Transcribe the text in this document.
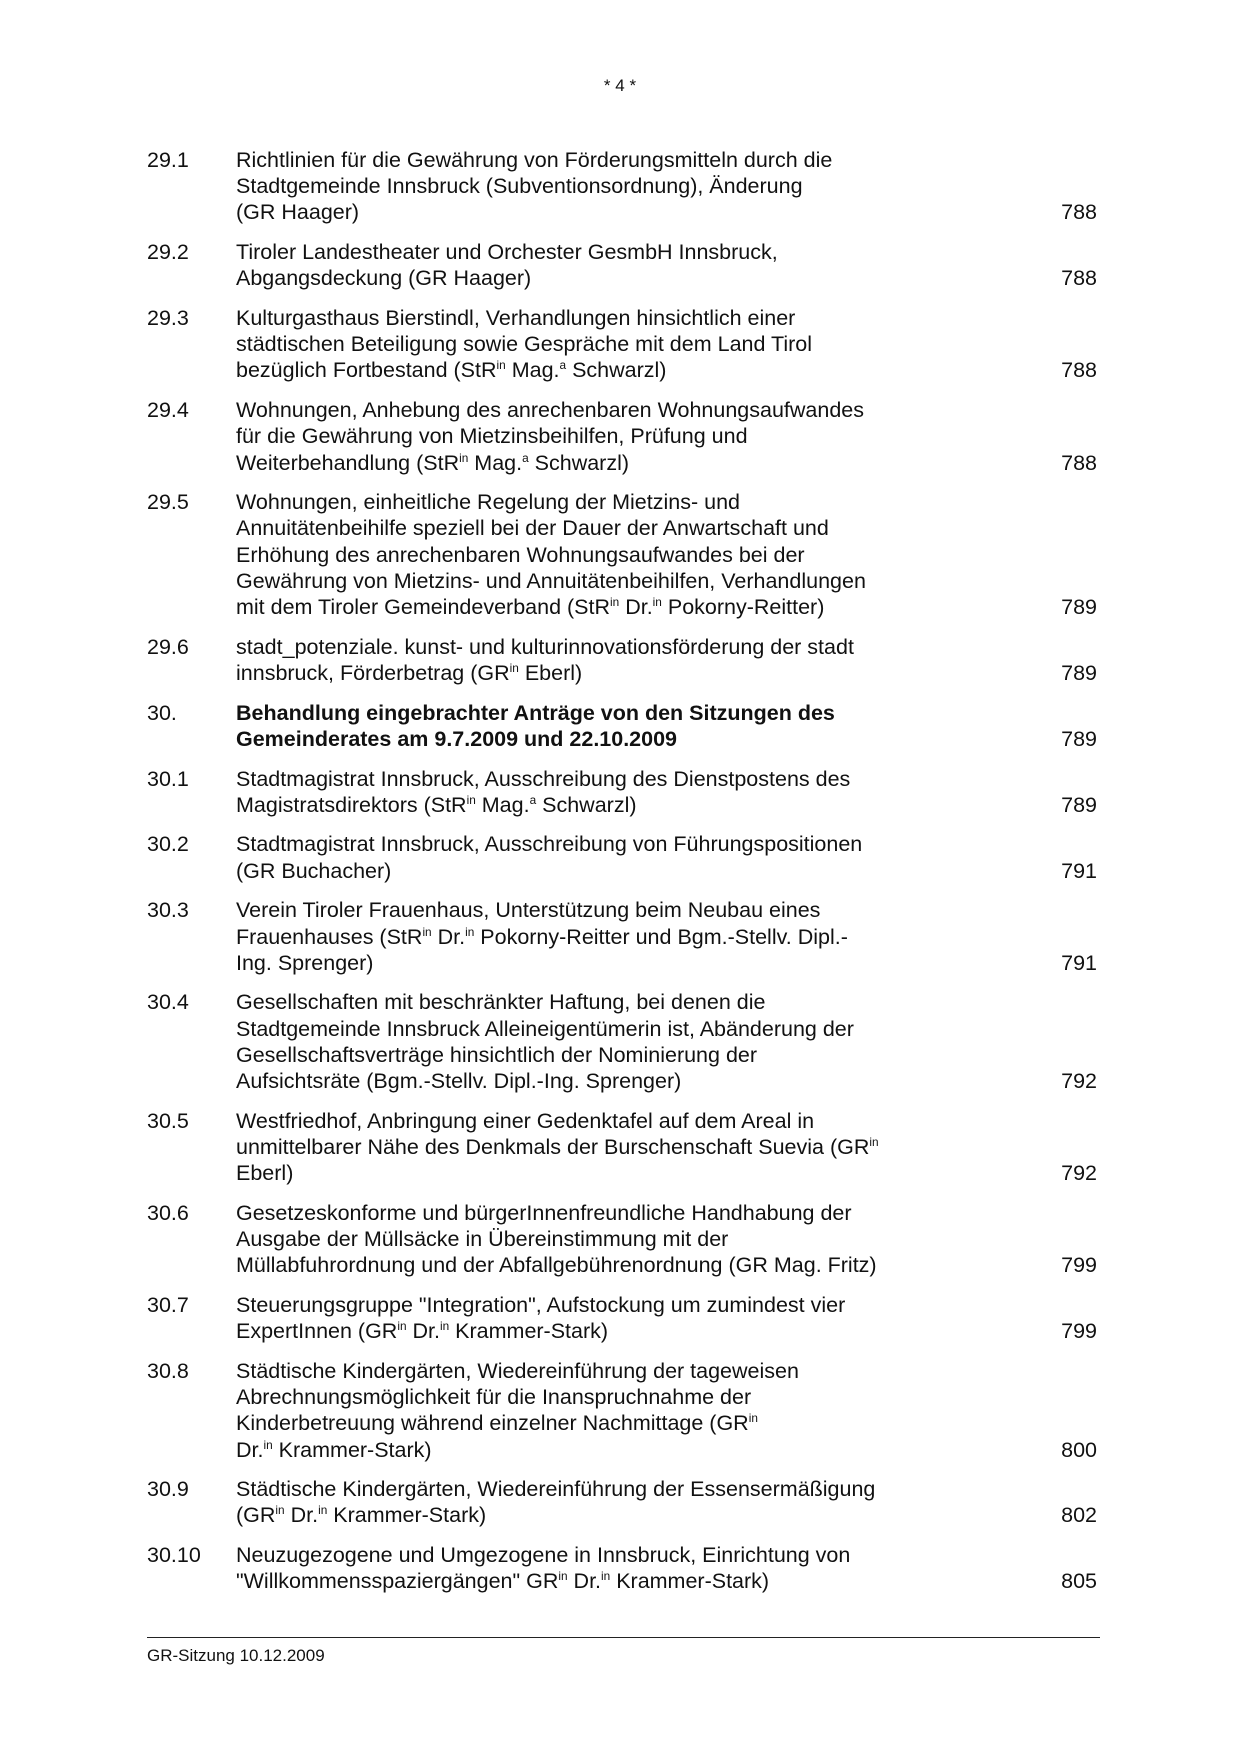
* 4 *
29.1	Richtlinien für die Gewährung von Förderungsmitteln durch die
Stadtgemeinde Innsbruck (Subventionsordnung), Änderung
(GR Haager)	788
29.2	Tiroler Landestheater und Orchester GesmbH Innsbruck,
Abgangsdeckung (GR Haager)	788
29.3	Kulturgasthaus Bierstindl, Verhandlungen hinsichtlich einer
städtischen Beteiligung sowie Gespräche mit dem Land Tirol
bezüglich Fortbestand (StR$^{in}$ Mag.$^a$ Schwarzl)	788
29.4	Wohnungen, Anhebung des anrechenbaren Wohnungsaufwandes
für die Gewährung von Mietzinsbeihilfen, Prüfung und
Weiterbehandlung (StR$^{in}$ Mag.$^a$ Schwarzl)	788
29.5	Wohnungen, einheitliche Regelung der Mietzins- und
Annuitätenbeihilfe speziell bei der Dauer der Anwartschaft und
Erhöhung des anrechenbaren Wohnungsaufwandes bei der
Gewährung von Mietzins- und Annuitätenbeihilfen, Verhandlungen
mit dem Tiroler Gemeindeverband (StR$^{in}$ Dr.$^{in}$ Pokorny-Reitter)	789
29.6	stadt_potenziale. kunst- und kulturinnovationsförderung der stadt
innsbruck, Förderbetrag ($GR^{in}$ Eberl)	789
30.	Behandlung eingebrachter Anträge von den Sitzungen des
Gemeinderates am 9.7.2009 und 22.10.2009	789
30.1	Stadtmagistrat Innsbruck, Ausschreibung des Dienstpostens des
Magistratsdirektors (StR$^{in}$ Mag.$^a$ Schwarzl)	789
30.2	Stadtmagistrat Innsbruck, Ausschreibung von Führungspositionen
(GR Buchacher)	791
30.3	Verein Tiroler Frauenhaus, Unterstützung beim Neubau eines
Frauenhauses (StR$^{in}$ Dr.$^{in}$ Pokorny-Reitter und Bgm.-Stellv. Dipl.-
Ing. Sprenger)	791
30.4	Gesellschaften mit beschränkter Haftung, bei denen die
Stadtgemeinde Innsbruck Alleineigentümerin ist, Abänderung der
Gesellschaftsverträge hinsichtlich der Nominierung der
Aufsichtsräte (Bgm.-Stellv. Dipl.-Ing. Sprenger)	792
30.5	Westfriedhof, Anbringung einer Gedenktafel auf dem Areal in
unmittelbarer Nähe des Denkmals der Burschenschaft Suevia ($GR^{in}$
Eberl)	792
30.6	Gesetzeskonforme und bürgerInnenfreundliche Handhabung der
Ausgabe der Müllsäcke in Übereinstimmung mit der
Müllabfuhrordnung und der Abfallgebührenordnung (GR Mag. Fritz)	799
30.7	Steuerungsgruppe "Integration", Aufstockung um zumindest vier
ExpertInnen ($GR^{in}$ Dr.$^{in}$ Krammer-Stark)	799
30.8	Städtische Kindergärten, Wiedereinführung der tageweisen
Abrechnungsmöglichkeit für die Inanspruchnahme der
Kinderbetreuung während einzelner Nachmittage ($GR^{in}$
Dr.$^{in}$ Krammer-Stark)	800
30.9	Städtische Kindergärten, Wiedereinführung der Essensermäßigung
($GR^{in}$ Dr.$^{in}$ Krammer-Stark)	802
30.10	Neuzugezogene und Umgezogene in Innsbruck, Einrichtung von
"Willkommensspaziergängen" $GR^{in}$ Dr.$^{in}$ Krammer-Stark)	805
GR-Sitzung 10.12.2009
